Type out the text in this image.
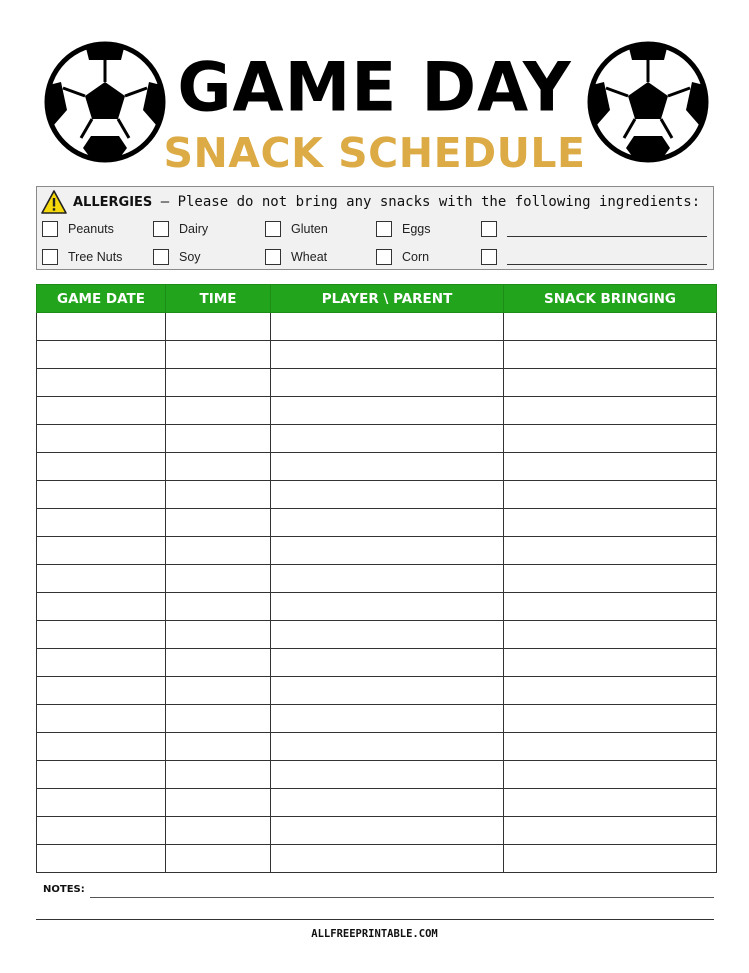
GAME DAY
SNACK SCHEDULE
ALLERGIES – Please do not bring any snacks with the following ingredients:
Peanuts	Dairy	Gluten	Eggs
Tree Nuts	Soy	Wheat	Corn
GAME DATE	TIME	PLAYER \ PARENT	SNACK BRINGING

NOTES:
ALLFREEPRINTABLE.COM
